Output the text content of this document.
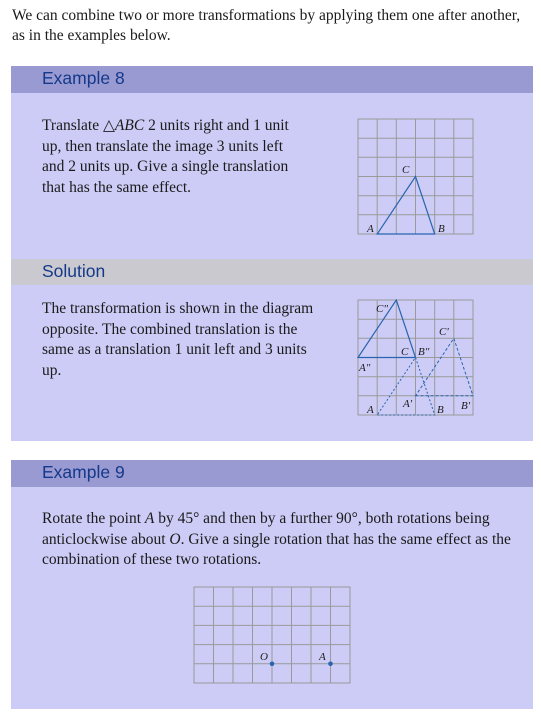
We can combine two or more transformations by applying them one after another, as in the examples below.
Example 8
Translate △ABC 2 units right and 1 unit up, then translate the image 3 units left and 2 units up. Give a single translation that has the same effect.
A	B
C
Solution
The transformation is shown in the diagram opposite. The combined translation is the same as a translation 1 unit left and 3 units up.
A	B
A'	B'
C'
A"
B"
C"
C
Example 9
Rotate the point A by 45° and then by a further 90°, both rotations being anticlockwise about O. Give a single rotation that has the same effect as the combination of these two rotations.
O	A
